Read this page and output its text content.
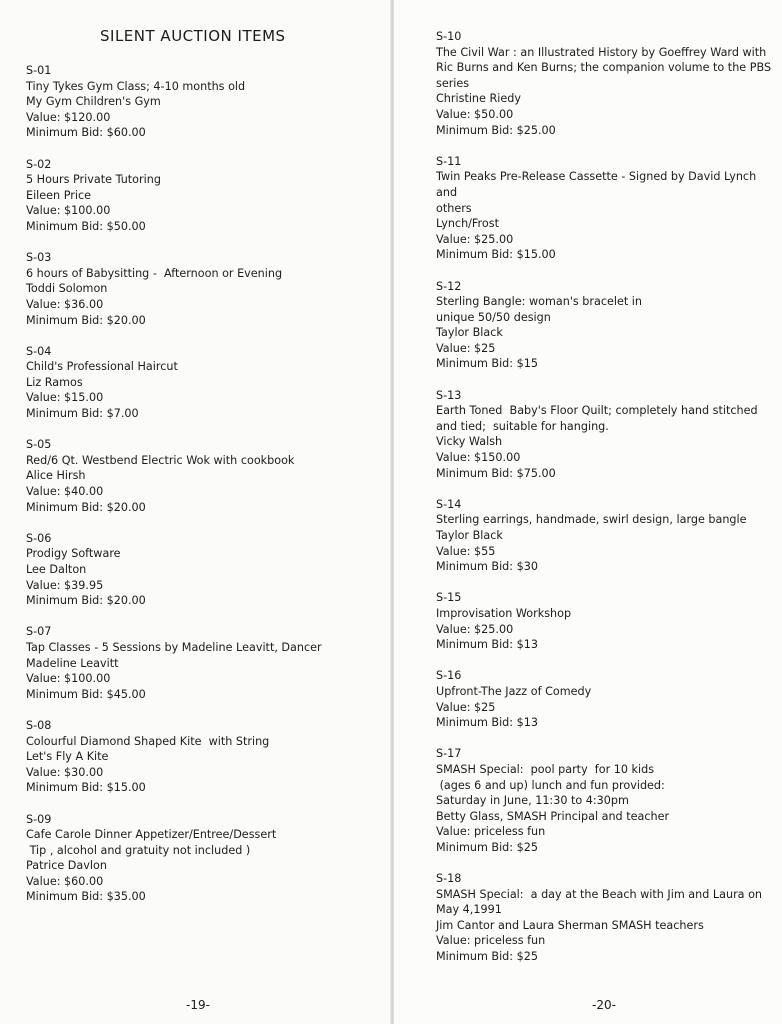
SILENT AUCTION ITEMS
S-01
Tiny Tykes Gym Class; 4-10 months old
My Gym Children's Gym
Value: $120.00
Minimum Bid: $60.00
S-02
5 Hours Private Tutoring
Eileen Price
Value: $100.00
Minimum Bid: $50.00
S-03
6 hours of Babysitting -  Afternoon or Evening
Toddi Solomon
Value: $36.00
Minimum Bid: $20.00
S-04
Child's Professional Haircut
Liz Ramos
Value: $15.00
Minimum Bid: $7.00
S-05
Red/6 Qt. Westbend Electric Wok with cookbook
Alice Hirsh
Value: $40.00
Minimum Bid: $20.00
S-06
Prodigy Software
Lee Dalton
Value: $39.95
Minimum Bid: $20.00
S-07
Tap Classes - 5 Sessions by Madeline Leavitt, Dancer
Madeline Leavitt
Value: $100.00
Minimum Bid: $45.00
S-08
Colourful Diamond Shaped Kite  with String
Let's Fly A Kite
Value: $30.00
Minimum Bid: $15.00
S-09
Cafe Carole Dinner Appetizer/Entree/Dessert
Tip , alcohol and gratuity not included )
Patrice Davlon
Value: $60.00
Minimum Bid: $35.00
-19-
S-10
The Civil War : an Illustrated History by Goeffrey Ward with
Ric Burns and Ken Burns; the companion volume to the PBS
series
Christine Riedy
Value: $50.00
Minimum Bid: $25.00
S-11
Twin Peaks Pre-Release Cassette - Signed by David Lynch and
others
Lynch/Frost
Value: $25.00
Minimum Bid: $15.00
S-12
Sterling Bangle: woman's bracelet in
unique 50/50 design
Taylor Black
Value: $25
Minimum Bid: $15
S-13
Earth Toned  Baby's Floor Quilt; completely hand stitched
and tied;  suitable for hanging.
Vicky Walsh
Value: $150.00
Minimum Bid: $75.00
S-14
Sterling earrings, handmade, swirl design, large bangle
Taylor Black
Value: $55
Minimum Bid: $30
S-15
Improvisation Workshop
Value: $25.00
Minimum Bid: $13
S-16
Upfront-The Jazz of Comedy
Value: $25
Minimum Bid: $13
S-17
SMASH Special:  pool party  for 10 kids
(ages 6 and up) lunch and fun provided:
Saturday in June, 11:30 to 4:30pm
Betty Glass, SMASH Principal and teacher
Value: priceless fun
Minimum Bid: $25
S-18
SMASH Special:  a day at the Beach with Jim and Laura on
May 4,1991
Jim Cantor and Laura Sherman SMASH teachers
Value: priceless fun
Minimum Bid: $25
-20-
